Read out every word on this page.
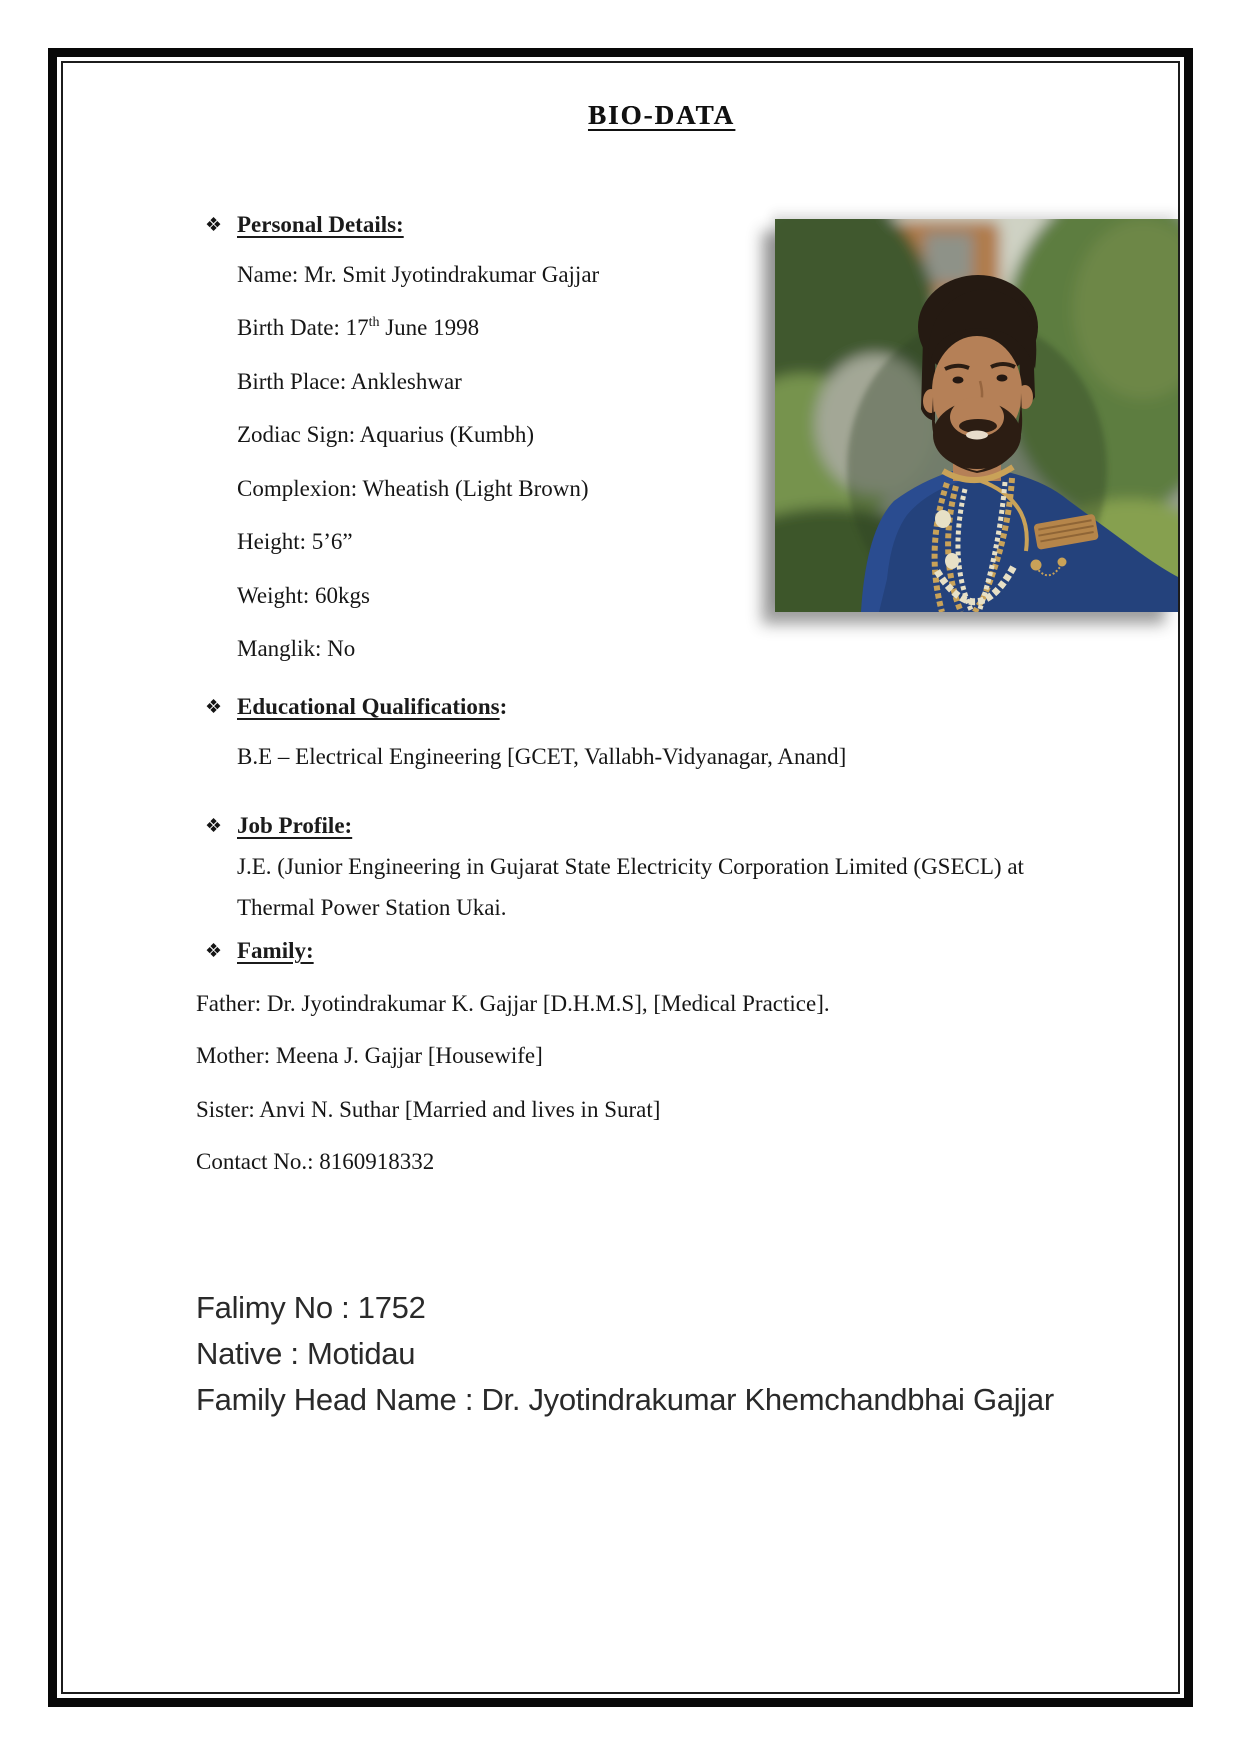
BIO-DATA
❖ Personal Details:
Name: Mr. Smit Jyotindrakumar Gajjar
Birth Date: 17th June 1998
Birth Place: Ankleshwar
Zodiac Sign: Aquarius (Kumbh)
Complexion: Wheatish (Light Brown)
Height: 5’6”
Weight: 60kgs
Manglik: No
❖ Educational Qualifications:
B.E – Electrical Engineering [GCET, Vallabh-Vidyanagar, Anand]
❖ Job Profile:
J.E. (Junior Engineering in Gujarat State Electricity Corporation Limited (GSECL) at
Thermal Power Station Ukai.
❖ Family:
Father: Dr. Jyotindrakumar K. Gajjar [D.H.M.S], [Medical Practice].
Mother: Meena J. Gajjar [Housewife]
Sister: Anvi N. Suthar [Married and lives in Surat]
Contact No.: 8160918332
Falimy No : 1752
Native : Motidau
Family Head Name : Dr. Jyotindrakumar Khemchandbhai Gajjar
